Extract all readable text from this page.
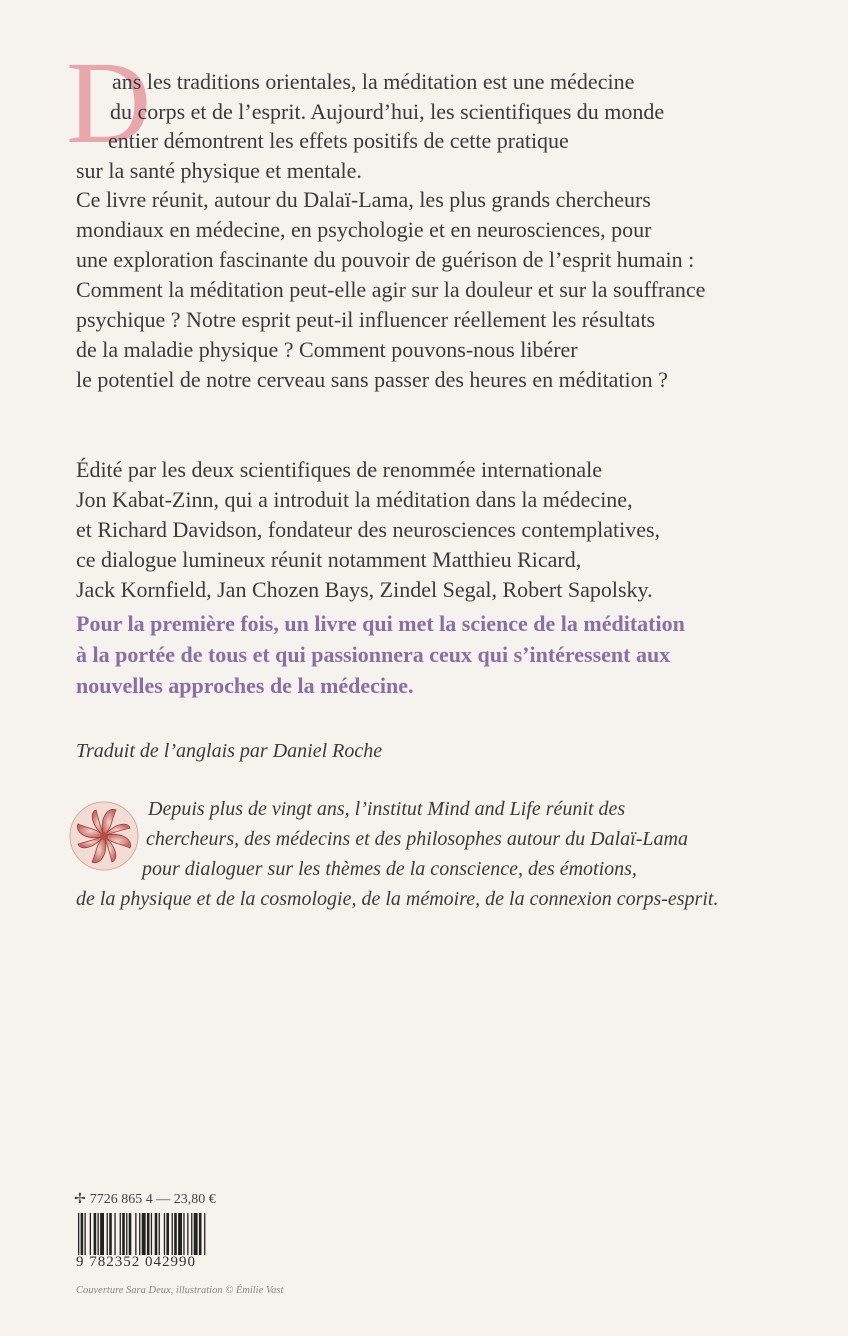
D
ans les traditions orientales, la méditation est une médecine
du corps et de l’esprit. Aujourd’hui, les scientifiques du monde
entier démontrent les effets positifs de cette pratique
sur la santé physique et mentale.
Ce livre réunit, autour du Dalaï-Lama, les plus grands chercheurs
mondiaux en médecine, en psychologie et en neurosciences, pour
une exploration fascinante du pouvoir de guérison de l’esprit humain :
Comment la méditation peut-elle agir sur la douleur et sur la souffrance
psychique ? Notre esprit peut-il influencer réellement les résultats
de la maladie physique ? Comment pouvons-nous libérer
le potentiel de notre cerveau sans passer des heures en méditation ?
Édité par les deux scientifiques de renommée internationale
Jon Kabat-Zinn, qui a introduit la méditation dans la médecine,
et Richard Davidson, fondateur des neurosciences contemplatives,
ce dialogue lumineux réunit notamment Matthieu Ricard,
Jack Kornfield, Jan Chozen Bays, Zindel Segal, Robert Sapolsky.
Pour la première fois, un livre qui met la science de la méditation
à la portée de tous et qui passionnera ceux qui s’intéressent aux
nouvelles approches de la médecine.
Traduit de l’anglais par Daniel Roche
Depuis plus de vingt ans, l’institut Mind and Life réunit des
chercheurs, des médecins et des philosophes autour du Dalaï-Lama
pour dialoguer sur les thèmes de la conscience, des émotions,
de la physique et de la cosmologie, de la mémoire, de la connexion corps-esprit.
✢ 7726 865 4 — 23,80 €
9 782352 042990
Couverture Sara Deux, illustration © Émilie Vast
